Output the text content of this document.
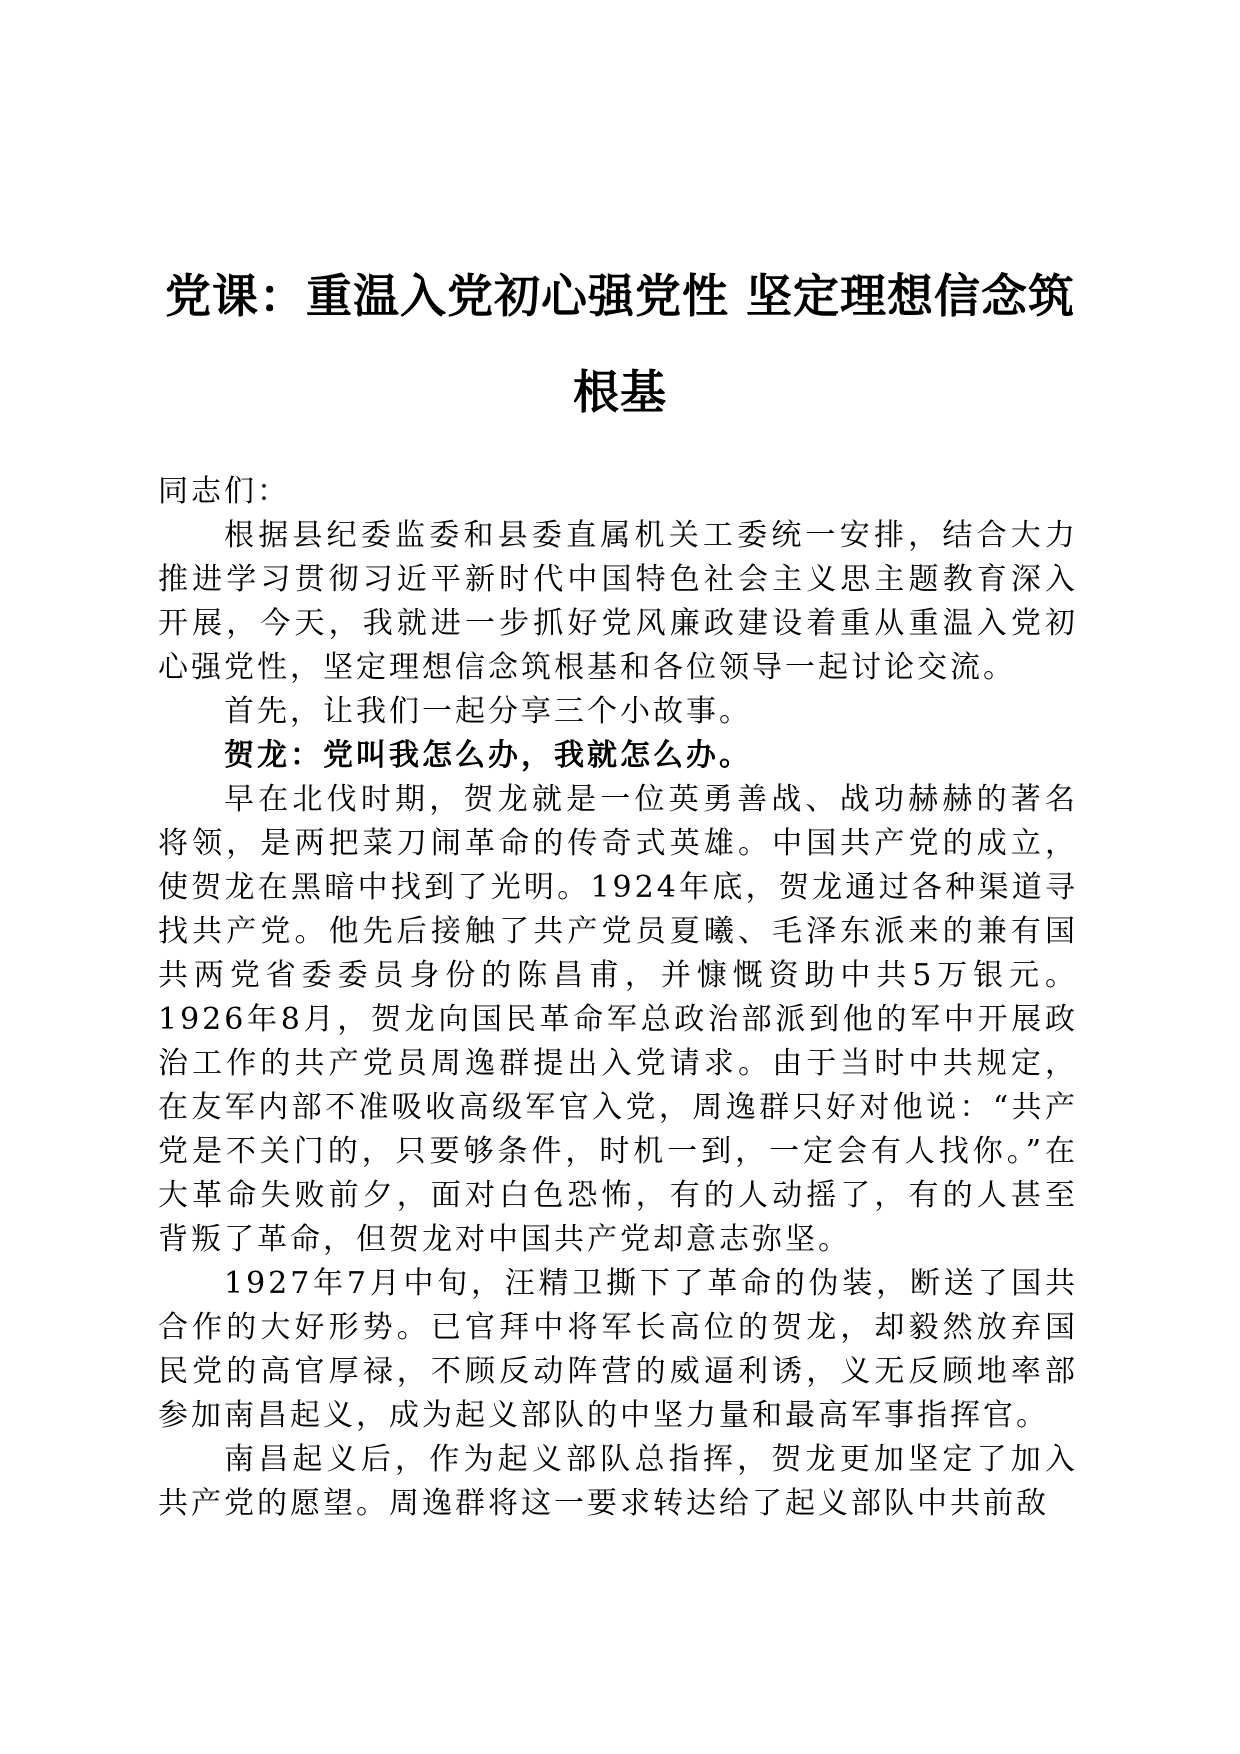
党课：重温入党初心强党性 坚定理想信念筑
根基

同志们：

根据县纪委监委和县委直属机关工委统一安排，结合大力推进学习贯彻习近平新时代中国特色社会主义思主题教育深入开展，今天，我就进一步抓好党风廉政建设着重从重温入党初心强党性，坚定理想信念筑根基和各位领导一起讨论交流。

首先，让我们一起分享三个小故事。

贺龙：党叫我怎么办，我就怎么办。

早在北伐时期，贺龙就是一位英勇善战、战功赫赫的著名将领，是两把菜刀闹革命的传奇式英雄。中国共产党的成立，使贺龙在黑暗中找到了光明。1924年底，贺龙通过各种渠道寻找共产党。他先后接触了共产党员夏曦、毛泽东派来的兼有国共两党省委委员身份的陈昌甫，并慷慨资助中共5万银元。1926年8月，贺龙向国民革命军总政治部派到他的军中开展政治工作的共产党员周逸群提出入党请求。由于当时中共规定，在友军内部不准吸收高级军官入党，周逸群只好对他说：“共产党是不关门的，只要够条件，时机一到，一定会有人找你。”在大革命失败前夕，面对白色恐怖，有的人动摇了，有的人甚至背叛了革命，但贺龙对中国共产党却意志弥坚。

1927年7月中旬，汪精卫撕下了革命的伪装，断送了国共合作的大好形势。已官拜中将军长高位的贺龙，却毅然放弃国民党的高官厚禄，不顾反动阵营的威逼利诱，义无反顾地率部参加南昌起义，成为起义部队的中坚力量和最高军事指挥官。

南昌起义后，作为起义部队总指挥，贺龙更加坚定了加入共产党的愿望。周逸群将这一要求转达给了起义部队中共前敌
